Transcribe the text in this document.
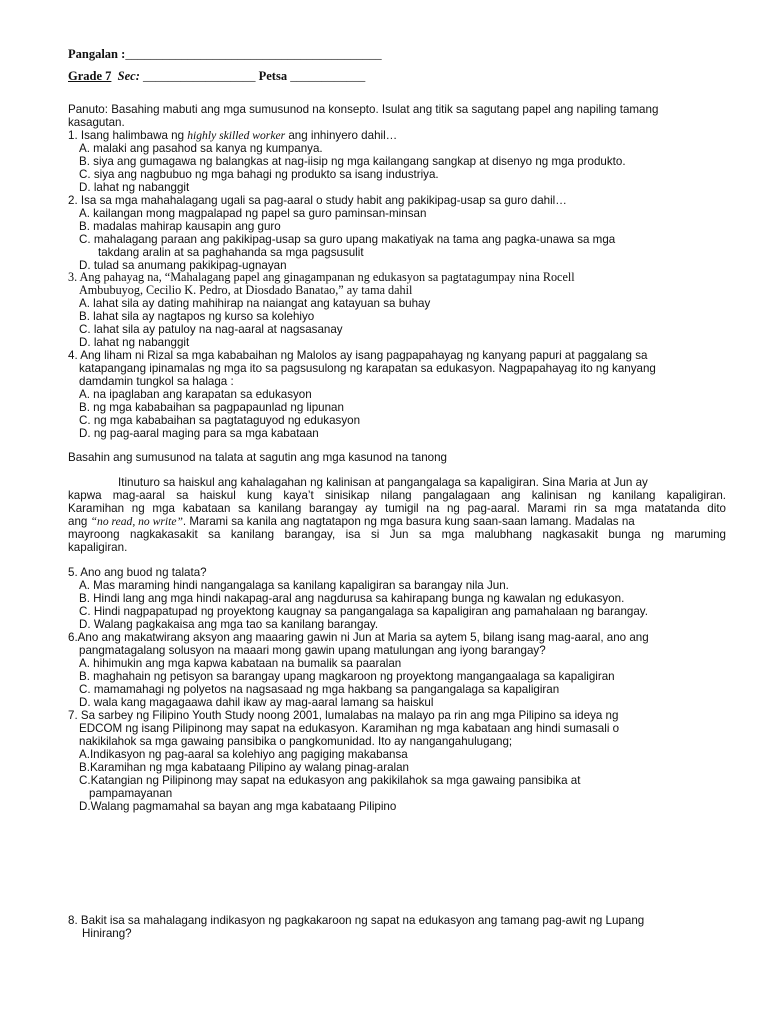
Pangalan :_________________________________________
Grade 7 Sec: __________________ Petsa ____________
Panuto: Basahing mabuti ang mga sumusunod na konsepto. Isulat ang titik sa sagutang papel ang napiling tamang
kasagutan.
1. Isang halimbawa ng highly skilled worker ang inhinyero dahil…
A. malaki ang pasahod sa kanya ng kumpanya.
B. siya ang gumagawa ng balangkas at nag-iisip ng mga kailangang sangkap at disenyo ng mga produkto.
C. siya ang nagbubuo ng mga bahagi ng produkto sa isang industriya.
D. lahat ng nabanggit
2. Isa sa mga mahahalagang ugali sa pag-aaral o study habit ang pakikipag-usap sa guro dahil…
A. kailangan mong magpalapad ng papel sa guro paminsan-minsan
B. madalas mahirap kausapin ang guro
C. mahalagang paraan ang pakikipag-usap sa guro upang makatiyak na tama ang pagka-unawa sa mga
takdang aralin at sa paghahanda sa mga pagsusulit
D. tulad sa anumang pakikipag-ugnayan
3. Ang pahayag na, “Mahalagang papel ang ginagampanan ng edukasyon sa pagtatagumpay nina Rocell
Ambubuyog, Cecilio K. Pedro, at Diosdado Banatao,” ay tama dahil
A. lahat sila ay dating mahihirap na naiangat ang katayuan sa buhay
B. lahat sila ay nagtapos ng kurso sa kolehiyo
C. lahat sila ay patuloy na nag-aaral at nagsasanay
D. lahat ng nabanggit
4. Ang liham ni Rizal sa mga kababaihan ng Malolos ay isang pagpapahayag ng kanyang papuri at paggalang sa
katapangang ipinamalas ng mga ito sa pagsusulong ng karapatan sa edukasyon. Nagpapahayag ito ng kanyang
damdamin tungkol sa halaga :
A. na ipaglaban ang karapatan sa edukasyon
B. ng mga kababaihan sa pagpapaunlad ng lipunan
C. ng mga kababaihan sa pagtataguyod ng edukasyon
D. ng pag-aaral maging para sa mga kabataan
Basahin ang sumusunod na talata at sagutin ang mga kasunod na tanong
Itinuturo sa haiskul ang kahalagahan ng kalinisan at pangangalaga sa kapaligiran. Sina Maria at Jun ay
kapwa mag-aaral sa haiskul kung kaya’t sinisikap nilang pangalagaan ang kalinisan ng kanilang kapaligiran.
Karamihan ng mga kabataan sa kanilang barangay ay tumigil na ng pag-aaral. Marami rin sa mga matatanda dito
ang “no read, no write”. Marami sa kanila ang nagtatapon ng mga basura kung saan-saan lamang. Madalas na
mayroong nagkakasakit sa kanilang barangay, isa si Jun sa mga malubhang nagkasakit bunga ng maruming
kapaligiran.
5. Ano ang buod ng talata?
A. Mas maraming hindi nangangalaga sa kanilang kapaligiran sa barangay nila Jun.
B. Hindi lang ang mga hindi nakapag-aral ang nagdurusa sa kahirapang bunga ng kawalan ng edukasyon.
C. Hindi nagpapatupad ng proyektong kaugnay sa pangangalaga sa kapaligiran ang pamahalaan ng barangay.
D. Walang pagkakaisa ang mga tao sa kanilang barangay.
6.Ano ang makatwirang aksyon ang maaaring gawin ni Jun at Maria sa aytem 5, bilang isang mag-aaral, ano ang
pangmatagalang solusyon na maaari mong gawin upang matulungan ang iyong barangay?
A. hihimukin ang mga kapwa kabataan na bumalik sa paaralan
B. maghahain ng petisyon sa barangay upang magkaroon ng proyektong mangangaalaga sa kapaligiran
C. mamamahagi ng polyetos na nagsasaad ng mga hakbang sa pangangalaga sa kapaligiran
D. wala kang magagaawa dahil ikaw ay mag-aaral lamang sa haiskul
7. Sa sarbey ng Filipino Youth Study noong 2001, lumalabas na malayo pa rin ang mga Pilipino sa ideya ng
EDCOM ng isang Pilipinong may sapat na edukasyon. Karamihan ng mga kabataan ang hindi sumasali o
nakikilahok sa mga gawaing pansibika o pangkomunidad. Ito ay nangangahulugang;
A.Indikasyon ng pag-aaral sa kolehiyo ang pagiging makabansa
B.Karamihan ng mga kabataang Pilipino ay walang pinag-aralan
C.Katangian ng Pilipinong may sapat na edukasyon ang pakikilahok sa mga gawaing pansibika at
pampamayanan
D.Walang pagmamahal sa bayan ang mga kabataang Pilipino
8. Bakit isa sa mahalagang indikasyon ng pagkakaroon ng sapat na edukasyon ang tamang pag-awit ng Lupang
Hinirang?
